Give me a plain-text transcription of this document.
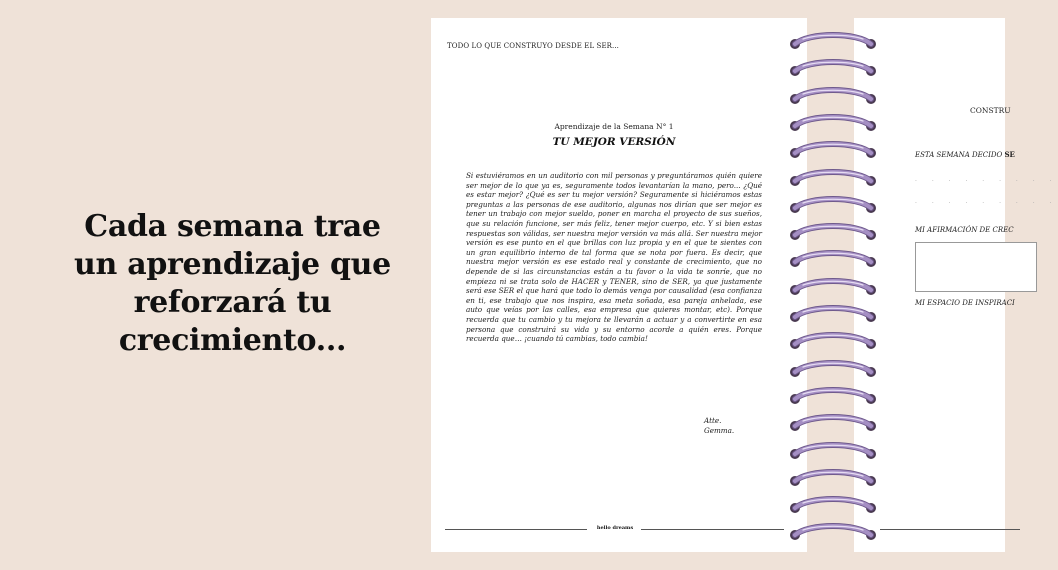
Cada semana trae
un aprendizaje que
reforzará tu
crecimiento...
TODO LO QUE CONSTRUYO DESDE EL SER...
Aprendizaje de la Semana N° 1
TU MEJOR VERSIÓN
Si estuviéramos en un auditorio con mil personas y preguntáramos quién quiere ser mejor de lo que ya es, seguramente todos levantarían la mano, pero... ¿Qué es estar mejor? ¿Qué es ser tu mejor versión? Seguramente si hiciéramos estas preguntas a las personas de ese auditorio, algunas nos dirían que ser mejor es tener un trabajo con mejor sueldo, poner en marcha el proyecto de sus sueños, que su relación funcione, ser más feliz, tener mejor cuerpo, etc. Y si bien estas respuestas son válidas, ser nuestra mejor versión va más allá. Ser nuestra mejor versión es ese punto en el que brillas con luz propia y en el que te sientes con un gran equilibrio interno de tal forma que se nota por fuera. Es decir, que nuestra mejor versión es ese estado real y constante de crecimiento, que no depende de si las circunstancias están a tu favor o la vida te sonríe, que no empieza ni se trata solo de HACER y TENER, sino de SER, ya que justamente será ese SER el que hará que todo lo demás venga por causalidad (esa confianza en ti, ese trabajo que nos inspira, esa meta soñada, esa pareja anhelada, ese auto que veías por las calles, esa empresa que quieres montar, etc). Porque recuerda que tu cambio y tu mejora te llevarán a actuar y a convertirte en esa persona que construirá su vida y su entorno acorde a quién eres. Porque recuerda que… ¡cuando tú cambias, todo cambia!
Atte.
Gemma.
hello dreams
CONSTRU
ESTA SEMANA DECIDO SE
· · · · · · · · ·
· · · · · · · · ·
MI AFIRMACIÓN DE CREC
MI ESPACIO DE INSPIRACI
